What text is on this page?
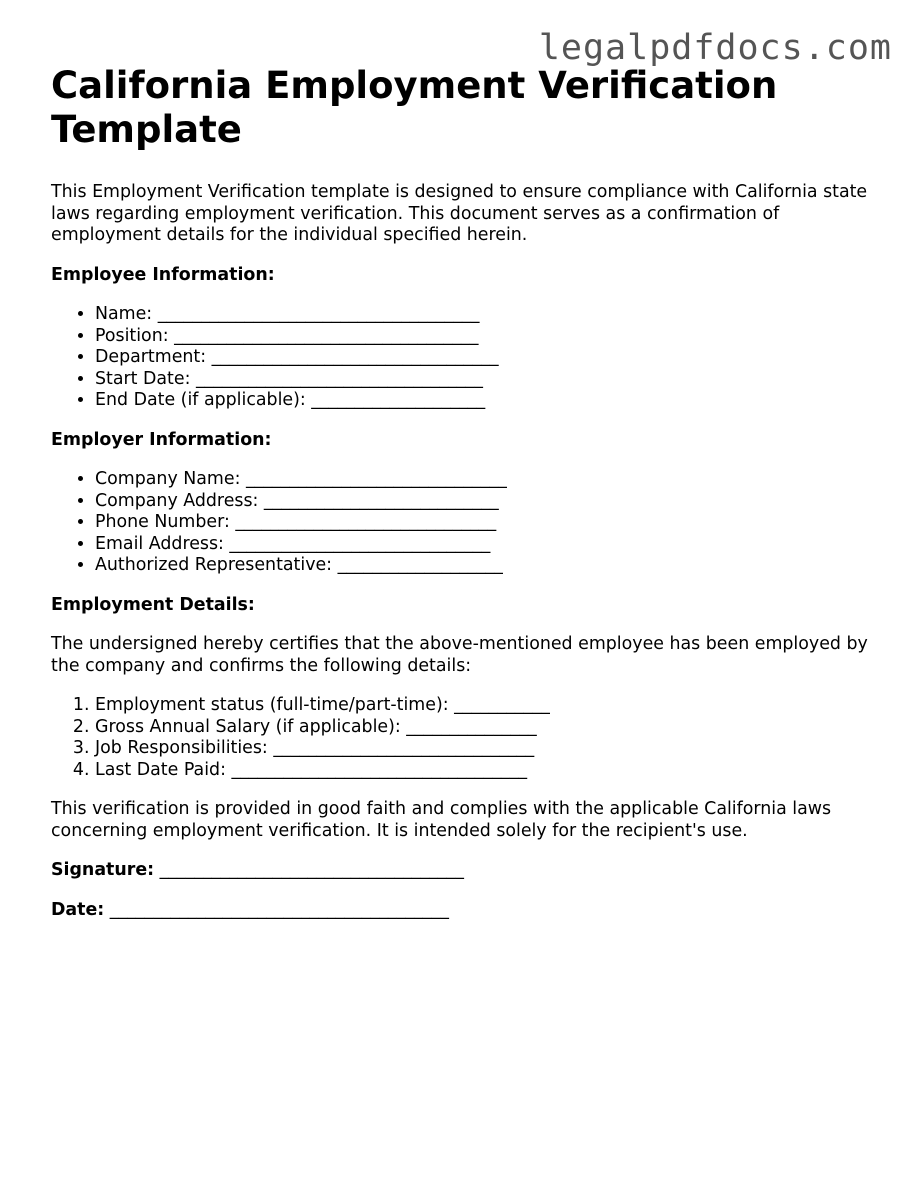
legalpdfdocs.com
California Employment Verification Template

This Employment Verification template is designed to ensure compliance with California state laws regarding employment verification. This document serves as a confirmation of employment details for the individual specified herein.

Employee Information:
• Name: _____________________________________
• Position: ___________________________________
• Department: _________________________________
• Start Date: _________________________________
• End Date (if applicable): ____________________
Employer Information:
• Company Name: ______________________________
• Company Address: ___________________________
• Phone Number: ______________________________
• Email Address: ______________________________
• Authorized Representative: ___________________
Employment Details:

The undersigned hereby certifies that the above-mentioned employee has been employed by the company and confirms the following details:

1. Employment status (full-time/part-time): ___________
2. Gross Annual Salary (if applicable): _______________
3. Job Responsibilities: ______________________________
4. Last Date Paid: __________________________________

This verification is provided in good faith and complies with the applicable California laws concerning employment verification. It is intended solely for the recipient's use.

Signature: ___________________________________
Date: _______________________________________
